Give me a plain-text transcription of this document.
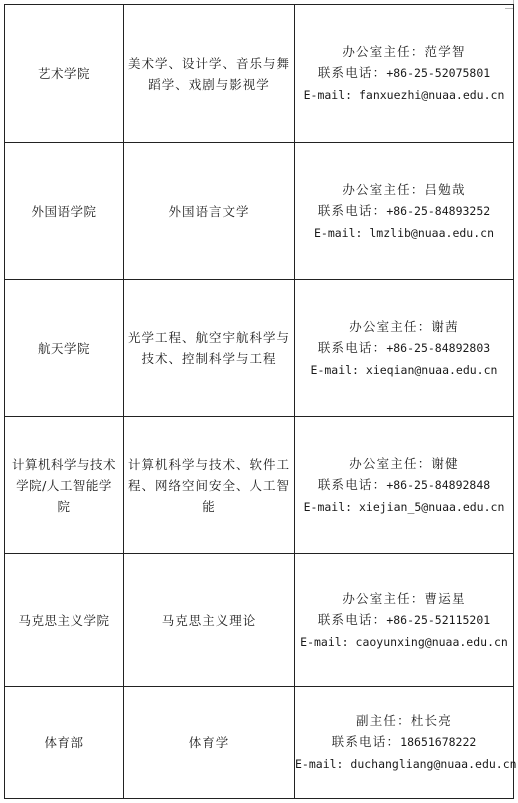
艺术学院	美术学、设计学、音乐与舞蹈学、戏剧与影视学	办公室主任：范学智
联系电话：+86-25-52075801
E-mail: fanxuezhi@nuaa.edu.cn

外国语学院	外国语言文学	办公室主任：吕勉哉
联系电话：+86-25-84893252
E-mail: lmzlib@nuaa.edu.cn

航天学院	光学工程、航空宇航科学与技术、控制科学与工程	办公室主任：谢茜
联系电话：+86-25-84892803
E-mail: xieqian@nuaa.edu.cn

计算机科学与技术学院/人工智能学院	计算机科学与技术、软件工程、网络空间安全、人工智能	办公室主任：谢健
联系电话：+86-25-84892848
E-mail: xiejian_5@nuaa.edu.cn

马克思主义学院	马克思主义理论	办公室主任：曹运星
联系电话：+86-25-52115201
E-mail: caoyunxing@nuaa.edu.cn

体育部	体育学	副主任：杜长亮
联系电话：18651678222
E-mail: duchangliang@nuaa.edu.cn
